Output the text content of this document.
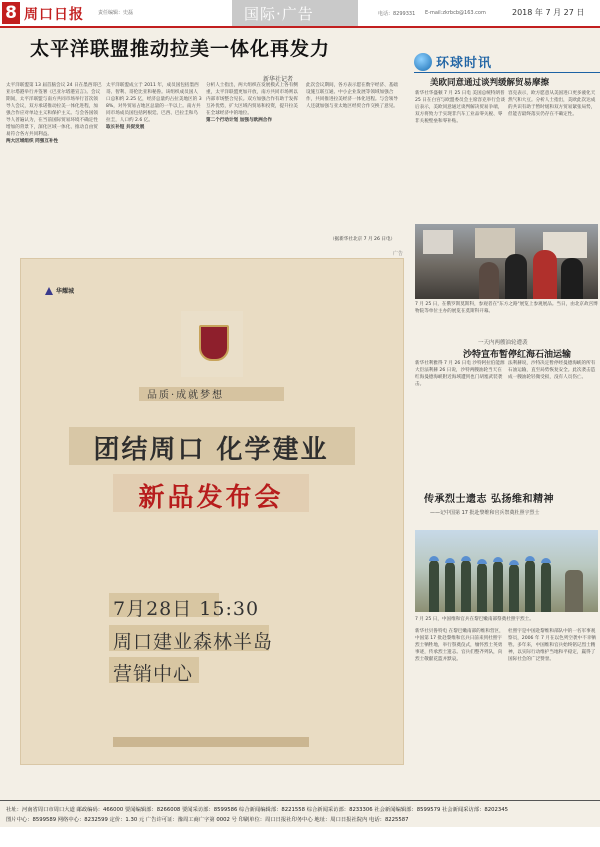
8 周口日报	责任编辑：史磊	国际·广告	电话：8299331 E-mail:zkrbcb@163.com	2018 年 7 月 27 日
太平洋联盟推动拉美一体化再发力
新华社记者
太平洋联盟第 13 届首脑会议 24 日在墨西哥巴亚尔塔港举行并签署《巴亚尔塔港宣言》。会议期间，太平洋联盟与南方共同市场举行首次领导人会议，双方承诺推动拉美一体化进程，加强合作应对单边主义和保护主义。与会各国领导人普遍认为，在当前国际贸易环境不确定性增加的背景下，深化区域一体化、推动自由贸易符合各方共同利益。
两大区域组织 同强互补性
太平洋联盟成立于 2011 年，成员国包括墨西哥、智利、哥伦比亚和秘鲁。该组织成员国人口总和约 2.25 亿，经济总量约占拉美地区的 38%，对外贸易占地区总量的一半以上。南方共同市场成员国包括阿根廷、巴西、巴拉圭和乌拉圭，人口约 2.6 亿。
取长补短 共促发展
分析人士指出，两大组织在发展模式上各有侧重，太平洋联盟更加开放，南方共同市场则以内部市场整合见长。双方加强合作有助于发挥互补优势，扩大区域内贸易和投资，提升拉美在全球经济中的地位。
第二个行动计划 加强与欧洲合作
此次会议期间，各方表示愿在数字经济、基础设施互联互通、中小企业发展等领域加强合作，共同推进拉美经济一体化进程。与会领导人还就加强与亚太地区经贸合作交换了意见。
（据新华社北京 7 月 26 日电）
广告
华耀城
品质·成就梦想
团结周口 化学建业
新品发布会
7月28日 15:30
周口建业森林半岛
营销中心
环球时讯
美欧同意通过谈判缓解贸易摩擦
新华社华盛顿 7 月 25 日电 美国总统特朗普 25 日在白宫与欧盟委员会主席容克举行会谈后表示，美欧同意通过谈判解决贸易争端，双方将致力于实现非汽车工业品零关税、零非关税壁垒和零补贴。
容克表示，欧方愿意从美国进口更多液化天然气和大豆。分析人士指出，美欧此次达成的共识有助于暂时缓和双方贸易紧张局势，但能否最终落实仍存在不确定性。
7 月 25 日，在俄罗斯莫斯科，参观者在"东方之路"展览上参观展品。当日，由北京故宫博物院等单位主办的展览在莫斯科开幕。
一天内两艘油轮遭袭
沙特宣布暂停红海石油运输
新华社利雅得 7 月 26 日电 沙特阿拉伯能源大臣法利赫 26 日说，沙特两艘油轮当天在红海曼德海峡附近海域遭到也门胡塞武装袭击。
法利赫说，沙特决定暂停经曼德海峡的所有石油运输，直至局势恢复安全。此次袭击造成一艘油轮轻微受损，没有人员伤亡。
传承烈士遗志 弘扬维和精神
——记中国第 17 批赴黎维和官兵祭奠杜照宇烈士
7 月 25 日，中国维和官兵在黎巴嫩南部祭奠杜照宇烈士。
新华社贝鲁特电 在黎巴嫩南部的维和营区，中国第 17 批赴黎维和官兵日前来到杜照宇烈士牺牲地，举行祭奠仪式，缅怀烈士英勇事迹，传承烈士遗志。官兵们整齐列队，向烈士敬献花篮并默哀。
杜照宇是中国赴黎维和部队中的一名军事观察员，2006 年 7 月在以色列空袭中不幸牺牲。多年来，中国维和官兵始终铭记烈士精神，以实际行动维护当地和平稳定，赢得了国际社会的广泛赞誉。
社址：河南省周口市周口大道 邮政编码：466000 要闻编辑部：8266008 要闻采访部：8599586 综合新闻编辑部：8221558 综合新闻采访部：8233306 社会新闻编辑部：8599579 社会新闻采访部：8202345
图片中心：8599589 网络中心：8232599 定价：1.30 元 广告许可证：豫周工商广字第 0002 号 印刷单位：周口日报社印务中心 地址：周口日报社院内 电话：8225587
